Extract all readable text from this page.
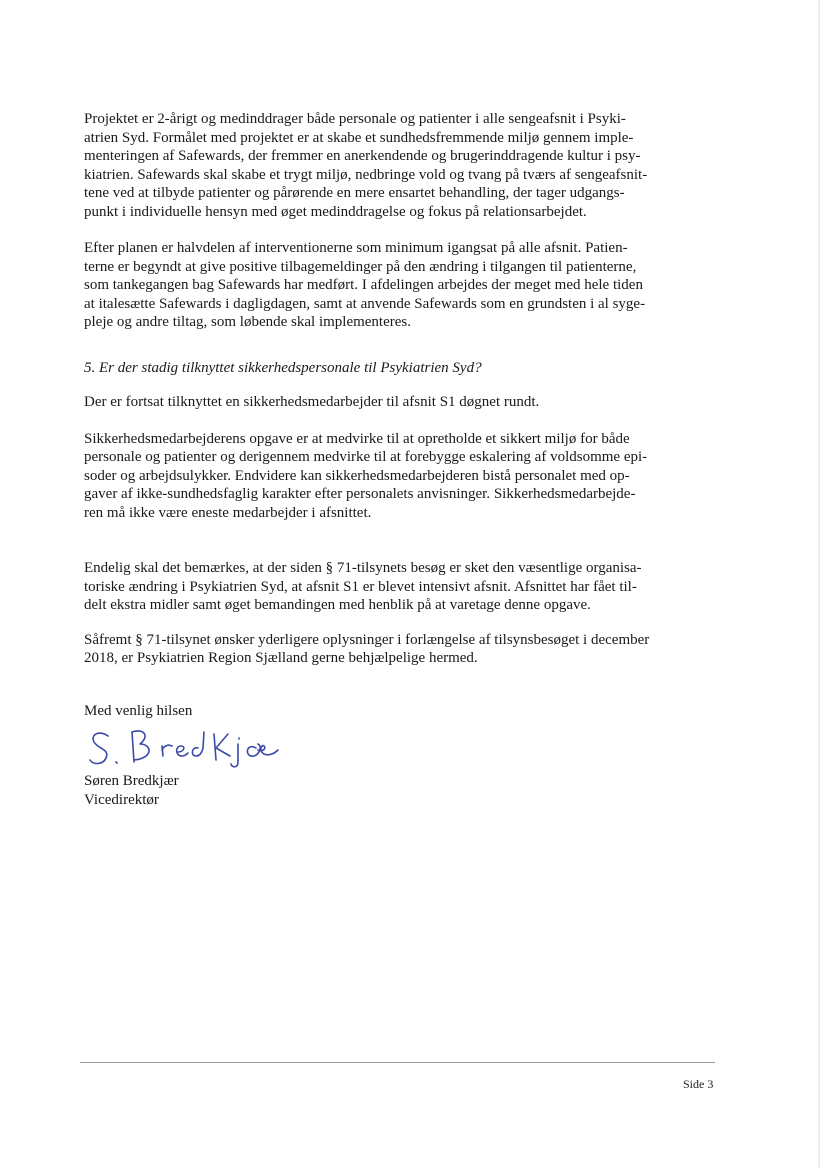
Projektet er 2-årigt og medinddrager både personale og patienter i alle sengeafsnit i Psyki-
atrien Syd. Formålet med projektet er at skabe et sundhedsfremmende miljø gennem imple-
menteringen af Safewards, der fremmer en anerkendende og brugerinddragende kultur i psy-
kiatrien. Safewards skal skabe et trygt miljø, nedbringe vold og tvang på tværs af sengeafsnit-
tene ved at tilbyde patienter og pårørende en mere ensartet behandling, der tager udgangs-
punkt i individuelle hensyn med øget medinddragelse og fokus på relationsarbejdet.

Efter planen er halvdelen af interventionerne som minimum igangsat på alle afsnit. Patien-
terne er begyndt at give positive tilbagemeldinger på den ændring i tilgangen til patienterne,
som tankegangen bag Safewards har medført. I afdelingen arbejdes der meget med hele tiden
at italesætte Safewards i dagligdagen, samt at anvende Safewards som en grundsten i al syge-
pleje og andre tiltag, som løbende skal implementeres.

5. Er der stadig tilknyttet sikkerhedspersonale til Psykiatrien Syd?

Der er fortsat tilknyttet en sikkerhedsmedarbejder til afsnit S1 døgnet rundt.

Sikkerhedsmedarbejderens opgave er at medvirke til at opretholde et sikkert miljø for både
personale og patienter og derigennem medvirke til at forebygge eskalering af voldsomme epi-
soder og arbejdsulykker. Endvidere kan sikkerhedsmedarbejderen bistå personalet med op-
gaver af ikke-sundhedsfaglig karakter efter personalets anvisninger. Sikkerhedsmedarbejde-
ren må ikke være eneste medarbejder i afsnittet.

Endelig skal det bemærkes, at der siden § 71-tilsynets besøg er sket den væsentlige organisa-
toriske ændring i Psykiatrien Syd, at afsnit S1 er blevet intensivt afsnit. Afsnittet har fået til-
delt ekstra midler samt øget bemandingen med henblik på at varetage denne opgave.

Såfremt § 71-tilsynet ønsker yderligere oplysninger i forlængelse af tilsynsbesøget i december
2018, er Psykiatrien Region Sjælland gerne behjælpelige hermed.

Med venlig hilsen

Søren Bredkjær

Vicedirektør

Side 3
